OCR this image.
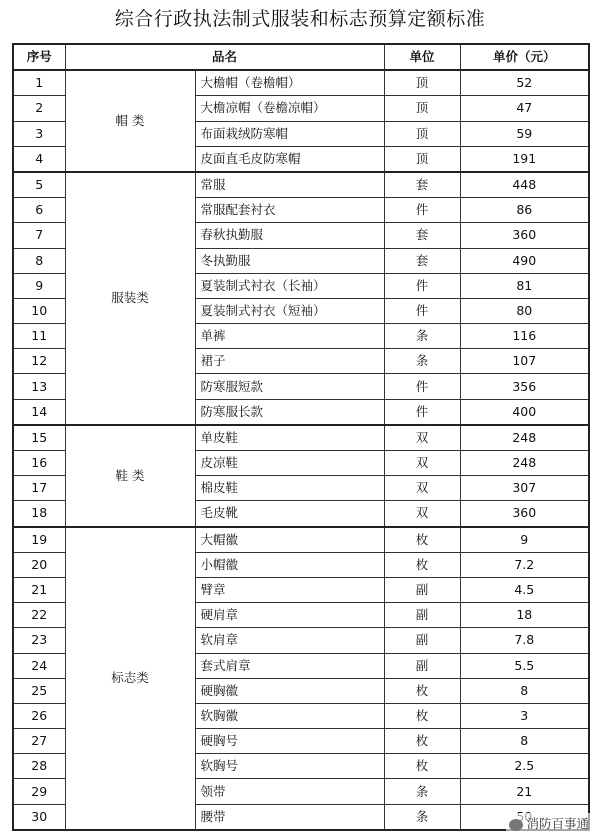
综合行政执法制式服装和标志预算定额标准
序号	品名		单位	单价（元）
1	帽 类	大檐帽（卷檐帽）	顶	52
2		大檐凉帽（卷檐凉帽）	顶	47
3		布面栽绒防寒帽	顶	59
4		皮面直毛皮防寒帽	顶	191
5	服装类	常服	套	448
6		常服配套衬衣	件	86
7		春秋执勤服	套	360
8		冬执勤服	套	490
9		夏装制式衬衣（长袖）	件	81
10		夏装制式衬衣（短袖）	件	80
11		单裤	条	116
12		裙子	条	107
13		防寒服短款	件	356
14		防寒服长款	件	400
15	鞋 类	单皮鞋	双	248
16		皮凉鞋	双	248
17		棉皮鞋	双	307
18		毛皮靴	双	360
19	标志类	大帽徽	枚	9
20		小帽徽	枚	7.2
21		臂章	副	4.5
22		硬肩章	副	18
23		软肩章	副	7.8
24		套式肩章	副	5.5
25		硬胸徽	枚	8
26		软胸徽	枚	3
27		硬胸号	枚	8
28		软胸号	枚	2.5
29		领带	条	21
30		腰带	条		消防百事通
